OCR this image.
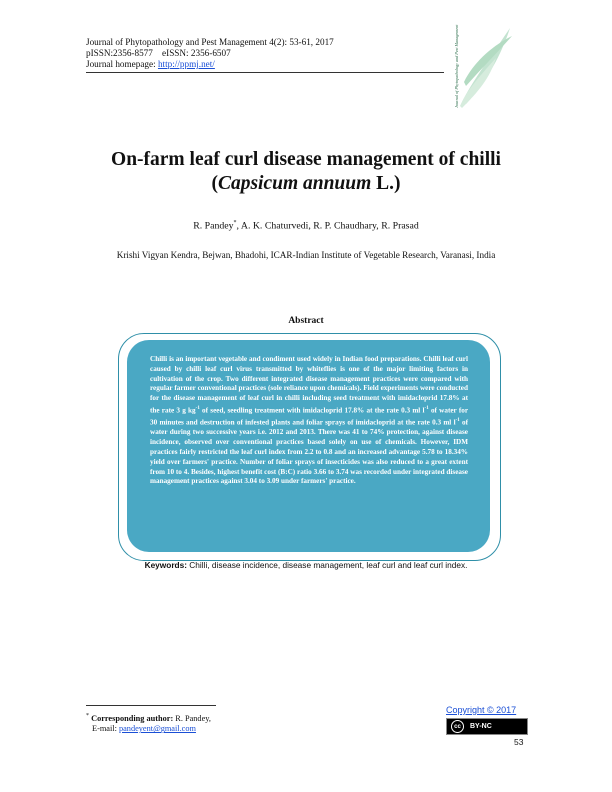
Journal of Phytopathology and Pest Management 4(2): 53-61, 2017
pISSN:2356-8577    eISSN: 2356-6507
Journal homepage: http://ppmj.net/	Journal of Phytopathology and Pest Management
On-farm leaf curl disease management of chilli
(Capsicum annuum L.)
R. Pandey*, A. K. Chaturvedi, R. P. Chaudhary, R. Prasad
Krishi Vigyan Kendra, Bejwan, Bhadohi, ICAR-Indian Institute of Vegetable Research, Varanasi, India
Abstract
Chilli is an important vegetable and condiment used widely in Indian food preparations. Chilli leaf curl caused by chilli leaf curl virus transmitted by whiteflies is one of the major limiting factors in cultivation of the crop. Two different integrated disease management practices were compared with regular farmer conventional practices (sole reliance upon chemicals). Field experiments were conducted for the disease management of leaf curl in chilli including seed treatment with imidacloprid 17.8% at the rate 3 g $kg^{-1}$ of seed, seedling treatment with imidacloprid 17.8% at the rate 0.3 ml $l^{-1}$ of water for 30 minutes and destruction of infested plants and foliar sprays of imidacloprid at the rate 0.3 ml $l^{-1}$ of water during two successive years i.e. 2012 and 2013. There was 41 to 74% protection, against disease incidence, observed over conventional practices based solely on use of chemicals. However, IDM practices fairly restricted the leaf curl index from 2.2 to 0.8 and an increased advantage 5.78 to 18.34% yield over farmers' practice. Number of foliar sprays of insecticides was also reduced to a great extent from 10 to 4. Besides, highest benefit cost (B:C) ratio 3.66 to 3.74 was recorded under integrated disease management practices against 3.04 to 3.09 under farmers' practice.
Keywords: Chilli, disease incidence, disease management, leaf curl and leaf curl index.
* Corresponding author: R. Pandey,
E-mail: pandeyent@gmail.com
Copyright © 2017
cc	BY-NC
53
